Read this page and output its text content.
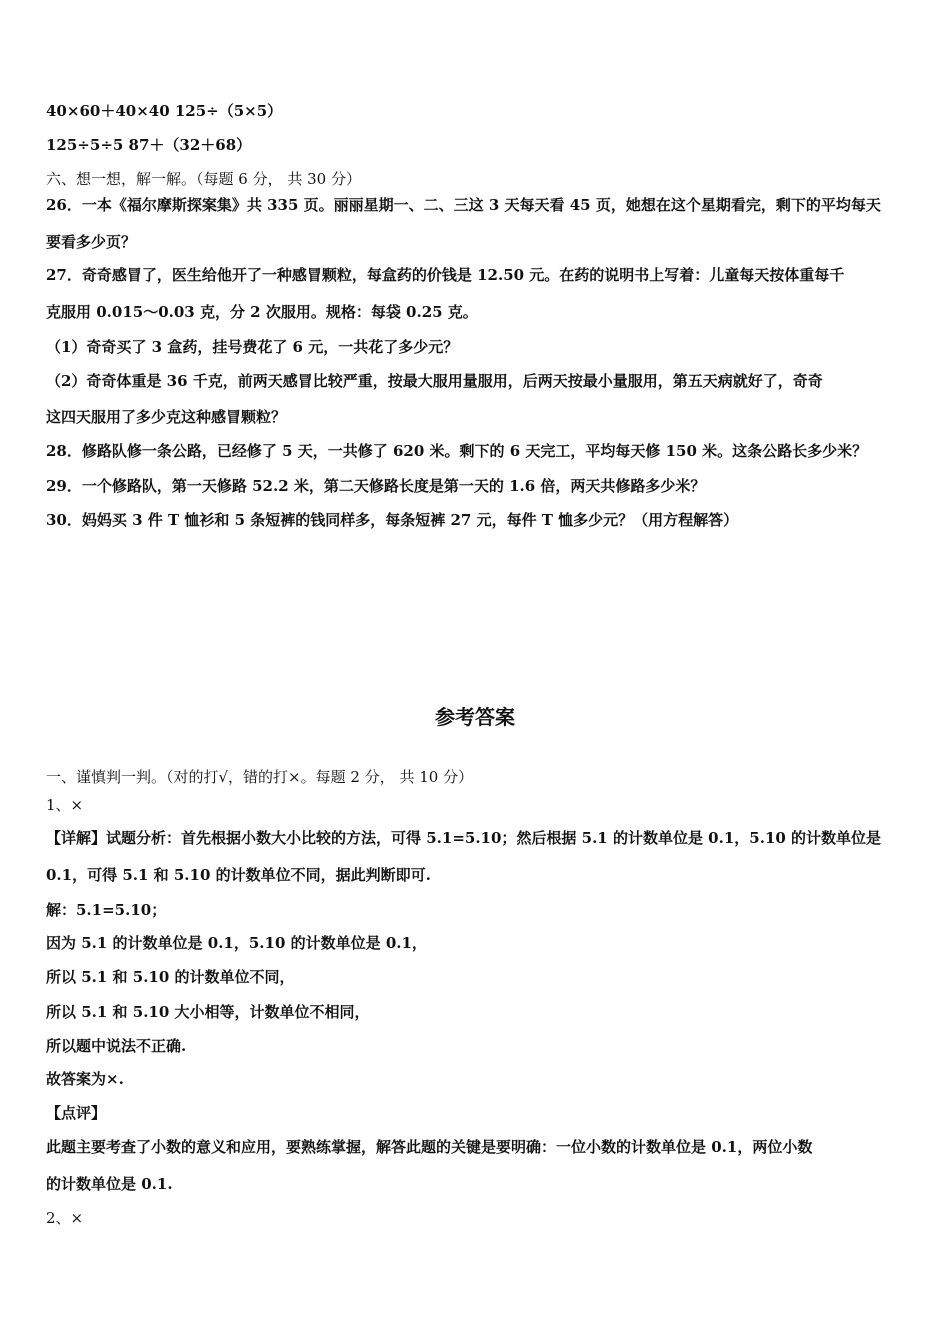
40×60＋40×40 125÷（5×5）
125÷5÷5 87＋（32＋68）
六、想一想，解一解。（每题 6 分， 共 30 分）
26．一本《福尔摩斯探案集》共 335 页。丽丽星期一、二、三这 3 天每天看 45 页，她想在这个星期看完，剩下的平均每天
要看多少页？
27．奇奇感冒了，医生给他开了一种感冒颗粒，每盒药的价钱是 12.50 元。在药的说明书上写着：儿童每天按体重每千
克服用 0.015～0.03 克，分 2 次服用。规格：每袋 0.25 克。
（1）奇奇买了 3 盒药，挂号费花了 6 元，一共花了多少元？
（2）奇奇体重是 36 千克，前两天感冒比较严重，按最大服用量服用，后两天按最小量服用，第五天病就好了，奇奇
这四天服用了多少克这种感冒颗粒？
28．修路队修一条公路，已经修了 5 天，一共修了 620 米。剩下的 6 天完工，平均每天修 150 米。这条公路长多少米？
29．一个修路队，第一天修路 52.2 米，第二天修路长度是第一天的 1.6 倍，两天共修路多少米？
30．妈妈买 3 件 T 恤衫和 5 条短裤的钱同样多，每条短裤 27 元，每件 T 恤多少元？（用方程解答）
参考答案
一、谨慎判一判。（对的打√，错的打×。每题 2 分， 共 10 分）
1、×
【详解】试题分析：首先根据小数大小比较的方法，可得 5.1=5.10；然后根据 5.1 的计数单位是 0.1，5.10 的计数单位是
0.1，可得 5.1 和 5.10 的计数单位不同，据此判断即可.
解：5.1=5.10；
因为 5.1 的计数单位是 0.1，5.10 的计数单位是 0.1，
所以 5.1 和 5.10 的计数单位不同，
所以 5.1 和 5.10 大小相等，计数单位不相同，
所以题中说法不正确.
故答案为×.
【点评】
此题主要考查了小数的意义和应用，要熟练掌握，解答此题的关键是要明确：一位小数的计数单位是 0.1，两位小数
的计数单位是 0.1.
2、×
